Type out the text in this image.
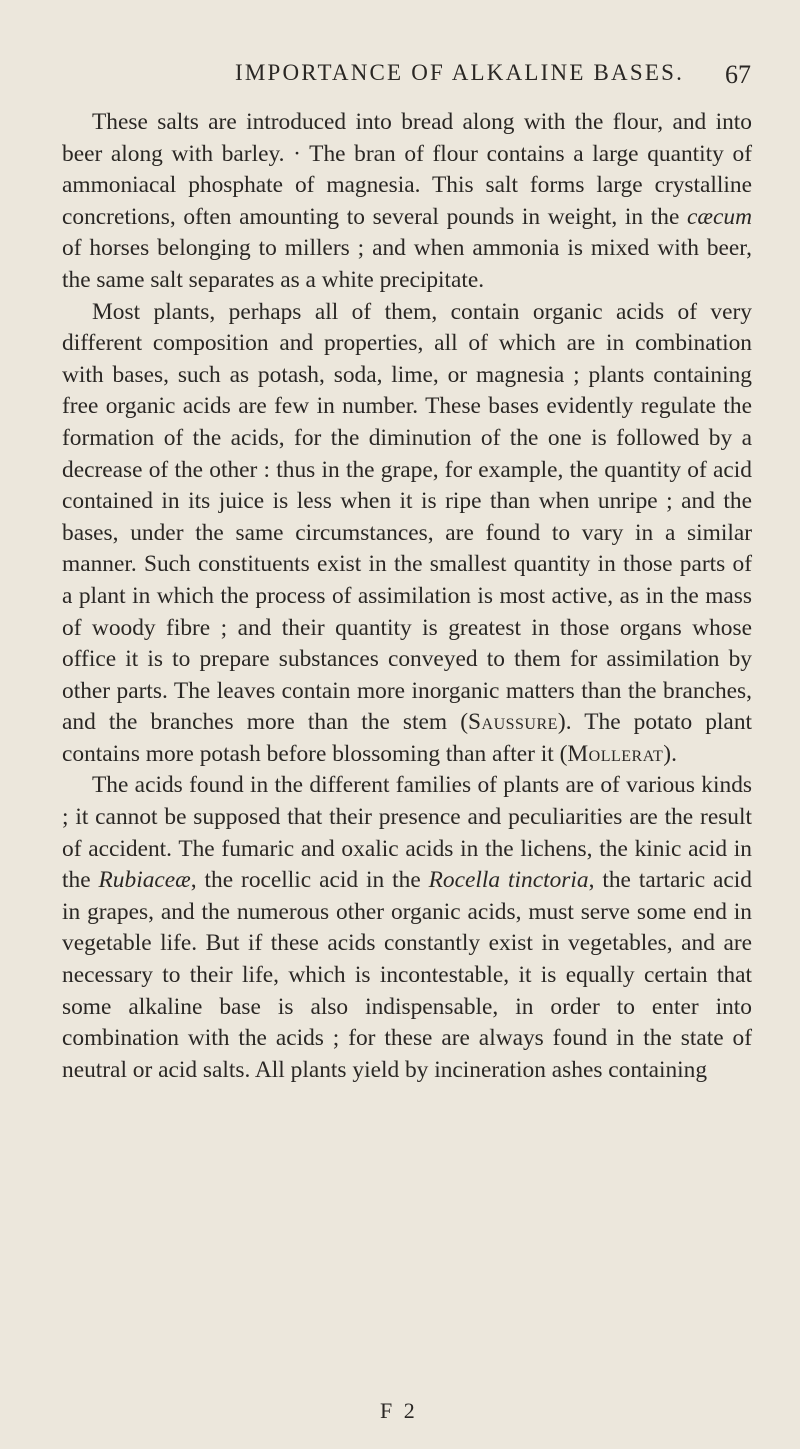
IMPORTANCE OF ALKALINE BASES. 67

These salts are introduced into bread along with the flour, and into beer along with barley. · The bran of flour contains a large quantity of ammoniacal phosphate of magnesia. This salt forms large crystalline concretions, often amounting to several pounds in weight, in the cæcum of horses belonging to millers ; and when ammonia is mixed with beer, the same salt separates as a white precipitate.

Most plants, perhaps all of them, contain organic acids of very different composition and properties, all of which are in combination with bases, such as potash, soda, lime, or magnesia ; plants containing free organic acids are few in number. These bases evidently regulate the formation of the acids, for the diminution of the one is followed by a decrease of the other : thus in the grape, for example, the quantity of acid contained in its juice is less when it is ripe than when unripe ; and the bases, under the same circumstances, are found to vary in a similar manner. Such constituents exist in the smallest quantity in those parts of a plant in which the process of assimilation is most active, as in the mass of woody fibre ; and their quantity is greatest in those organs whose office it is to prepare substances conveyed to them for assimilation by other parts. The leaves contain more inorganic matters than the branches, and the branches more than the stem (Saussure). The potato plant contains more potash before blossoming than after it (Mollerat).

The acids found in the different families of plants are of various kinds ; it cannot be supposed that their presence and peculiarities are the result of accident. The fumaric and oxalic acids in the lichens, the kinic acid in the Rubiaceæ, the rocellic acid in the Rocella tinctoria, the tartaric acid in grapes, and the numerous other organic acids, must serve some end in vegetable life. But if these acids constantly exist in vegetables, and are necessary to their life, which is incontestable, it is equally certain that some alkaline base is also indispensable, in order to enter into combination with the acids ; for these are always found in the state of neutral or acid salts. All plants yield by incineration ashes containing

F 2
